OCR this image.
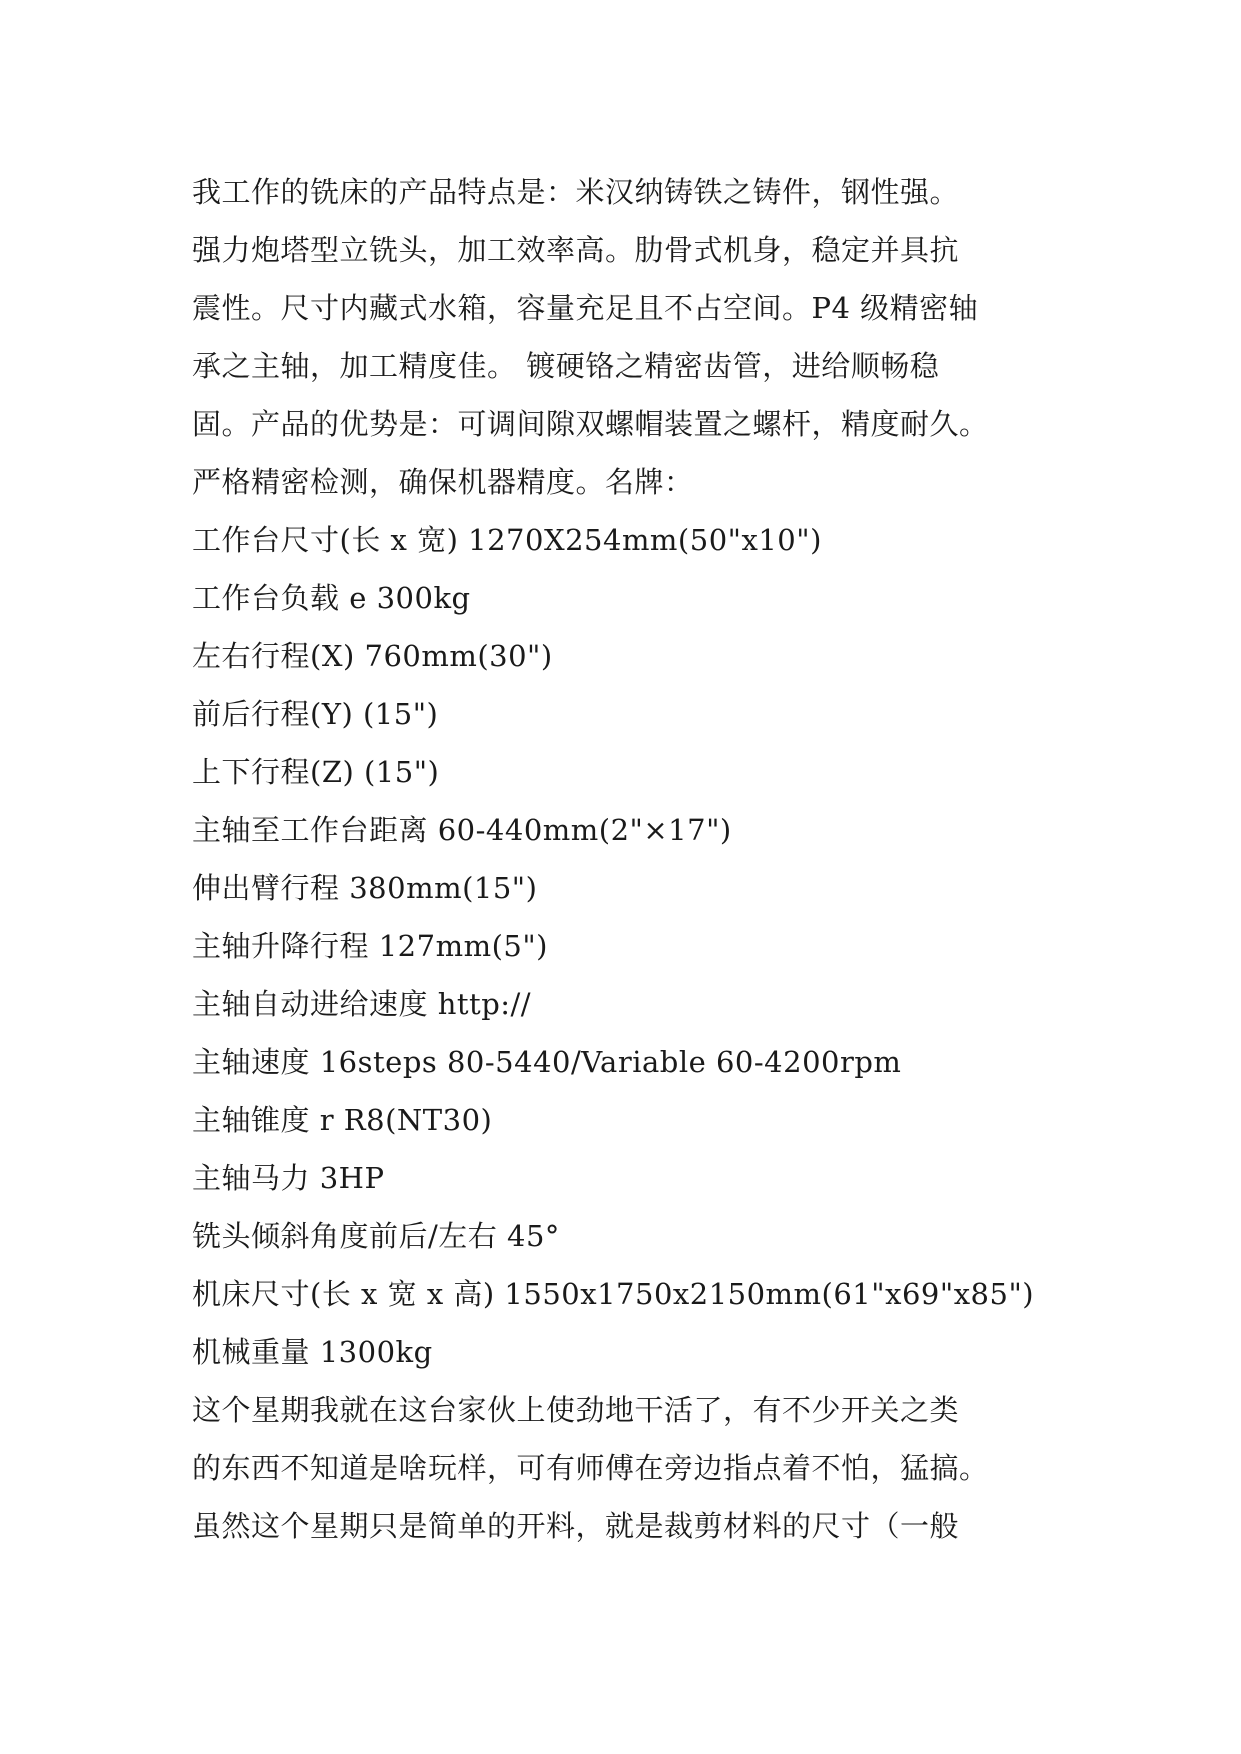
我工作的铣床的产品特点是：米汉纳铸铁之铸件，钢性强。
强力炮塔型立铣头，加工效率高。肋骨式机身，稳定并具抗
震性。尺寸内藏式水箱，容量充足且不占空间。P4 级精密轴
承之主轴，加工精度佳。 镀硬铬之精密齿管，进给顺畅稳
固。产品的优势是：可调间隙双螺帽装置之螺杆，精度耐久。
严格精密检测，确保机器精度。名牌：
工作台尺寸(长 x 宽) 1270X254mm(50"x10")
工作台负载 e 300kg
左右行程(X) 760mm(30")
前后行程(Y) (15")
上下行程(Z) (15")
主轴至工作台距离 60-440mm(2"×17")
伸出臂行程 380mm(15")
主轴升降行程 127mm(5")
主轴自动进给速度 http://
主轴速度 16steps 80-5440/Variable 60-4200rpm
主轴锥度 r R8(NT30)
主轴马力 3HP
铣头倾斜角度前后/左右 45°
机床尺寸(长 x 宽 x 高) 1550x1750x2150mm(61"x69"x85")
机械重量 1300kg
这个星期我就在这台家伙上使劲地干活了，有不少开关之类
的东西不知道是啥玩样，可有师傅在旁边指点着不怕，猛搞。
虽然这个星期只是简单的开料，就是裁剪材料的尺寸（一般
